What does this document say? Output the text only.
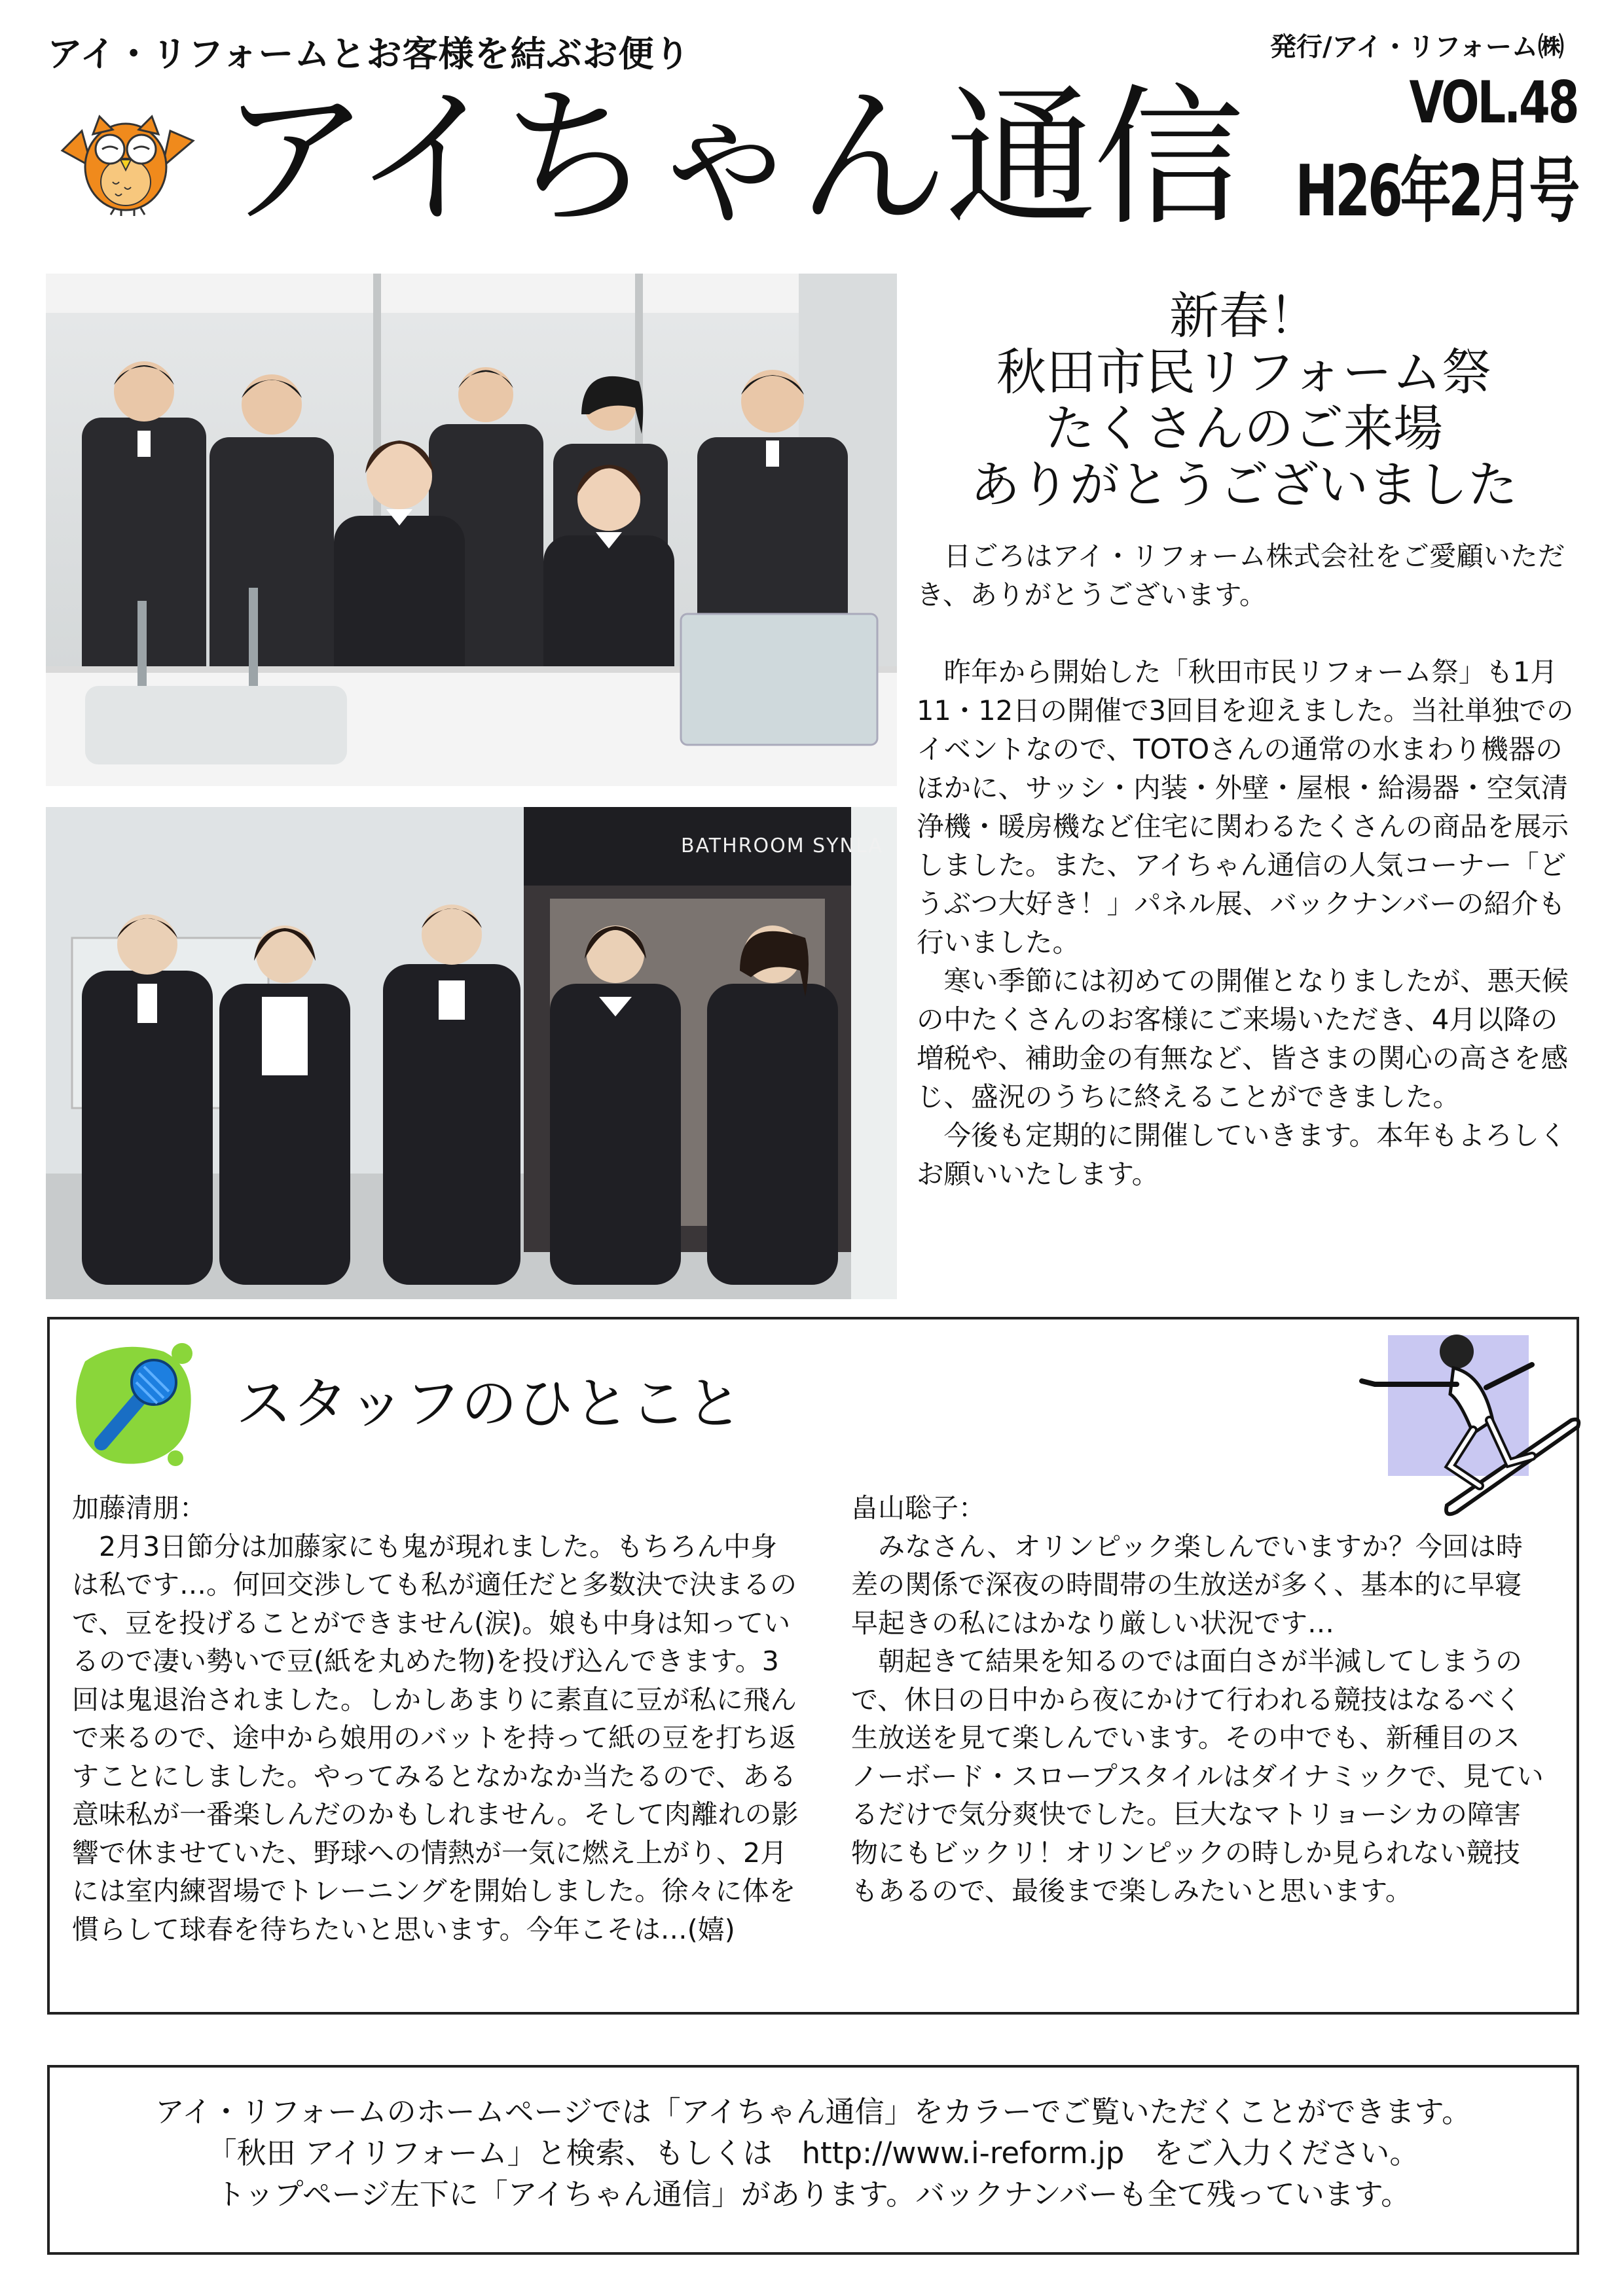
アイ・リフォームとお客様を結ぶお便り	発行/アイ・リフォーム㈱
アイちゃん通信	VOL.48
H26年2月号
BATHROOM SYNLA
新春！
秋田市民リフォーム祭
たくさんのご来場
ありがとうございました

日ごろはアイ・リフォーム株式会社をご愛顧いただき、ありがとうございます。

昨年から開始した「秋田市民リフォーム祭」も1月11・12日の開催で3回目を迎えました。当社単独でのイベントなので、TOTOさんの通常の水まわり機器のほかに、サッシ・内装・外壁・屋根・給湯器・空気清浄機・暖房機など住宅に関わるたくさんの商品を展示しました。また、アイちゃん通信の人気コーナー「どうぶつ大好き！」パネル展、バックナンバーの紹介も行いました。

寒い季節には初めての開催となりましたが、悪天候の中たくさんのお客様にご来場いただき、4月以降の増税や、補助金の有無など、皆さまの関心の高さを感じ、盛況のうちに終えることができました。

今後も定期的に開催していきます。本年もよろしくお願いいたします。

スタッフのひとこと
加藤清朋：

2月3日節分は加藤家にも鬼が現れました。もちろん中身は私です…。何回交渉しても私が適任だと多数決で決まるので、豆を投げることができません(涙)。娘も中身は知っているので凄い勢いで豆(紙を丸めた物)を投げ込んできます。3回は鬼退治されました。しかしあまりに素直に豆が私に飛んで来るので、途中から娘用のバットを持って紙の豆を打ち返すことにしました。やってみるとなかなか当たるので、ある意味私が一番楽しんだのかもしれません。そして肉離れの影響で休ませていた、野球への情熱が一気に燃え上がり、2月には室内練習場でトレーニングを開始しました。徐々に体を慣らして球春を待ちたいと思います。今年こそは…(嬉)

畠山聡子：

みなさん、オリンピック楽しんでいますか？今回は時差の関係で深夜の時間帯の生放送が多く、基本的に早寝早起きの私にはかなり厳しい状況です…

朝起きて結果を知るのでは面白さが半減してしまうので、休日の日中から夜にかけて行われる競技はなるべく生放送を見て楽しんでいます。その中でも、新種目のスノーボード・スロープスタイルはダイナミックで、見ているだけで気分爽快でした。巨大なマトリョーシカの障害物にもビックリ！オリンピックの時しか見られない競技もあるので、最後まで楽しみたいと思います。

アイ・リフォームのホームページでは「アイちゃん通信」をカラーでご覧いただくことができます。
「秋田 アイリフォーム」と検索、もしくは　http://www.i-reform.jp　をご入力ください。
トップページ左下に「アイちゃん通信」があります。バックナンバーも全て残っています。
